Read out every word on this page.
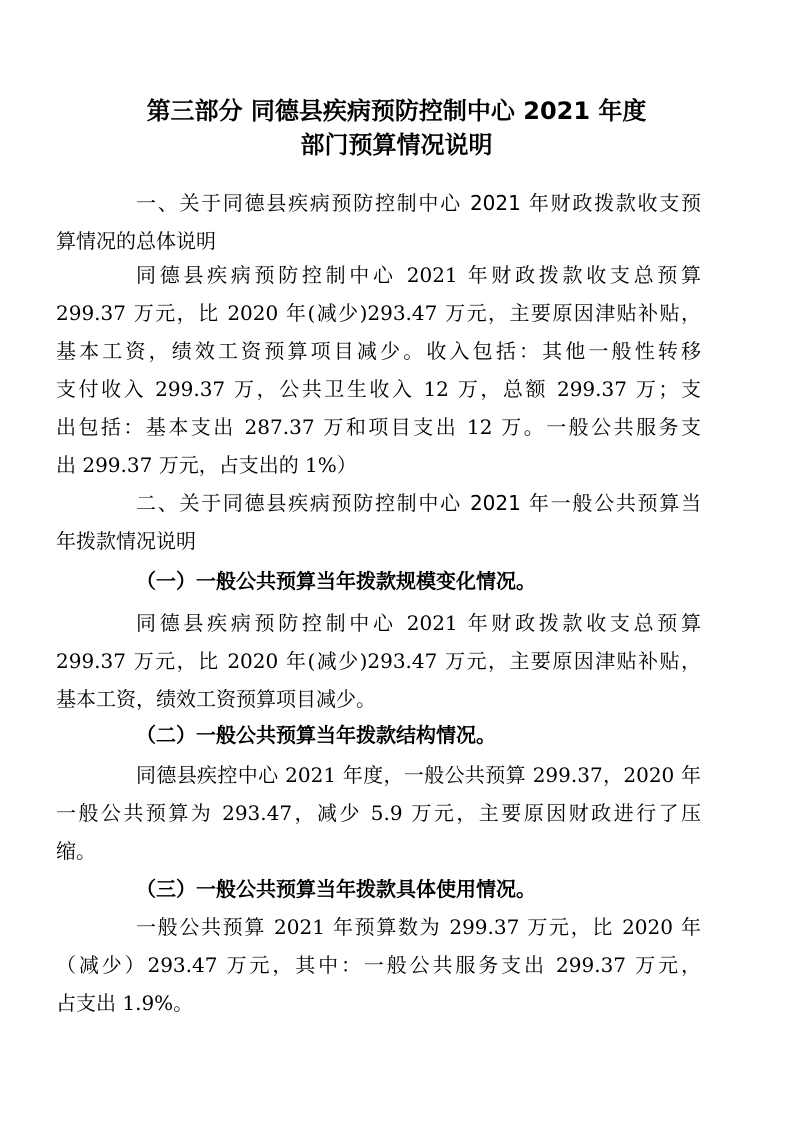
第三部分 同德县疾病预防控制中心 2021 年度
部门预算情况说明
一、关于同德县疾病预防控制中心 2021 年财政拨款收支预
算情况的总体说明
同德县疾病预防控制中心 2021 年财政拨款收支总预算
299.37 万元，比 2020 年(减少)293.47 万元，主要原因津贴补贴，
基本工资，绩效工资预算项目减少。收入包括：其他一般性转移
支付收入 299.37 万，公共卫生收入 12 万，总额 299.37 万；支
出包括：基本支出 287.37 万和项目支出 12 万。一般公共服务支
出 299.37 万元，占支出的 1%）
二、关于同德县疾病预防控制中心 2021 年一般公共预算当
年拨款情况说明
（一）一般公共预算当年拨款规模变化情况。
同德县疾病预防控制中心 2021 年财政拨款收支总预算
299.37 万元，比 2020 年(减少)293.47 万元，主要原因津贴补贴，
基本工资，绩效工资预算项目减少。
（二）一般公共预算当年拨款结构情况。
同德县疾控中心 2021 年度，一般公共预算 299.37，2020 年
一般公共预算为 293.47，减少 5.9 万元，主要原因财政进行了压
缩。
（三）一般公共预算当年拨款具体使用情况。
一般公共预算 2021 年预算数为 299.37 万元，比 2020 年
（减少）293.47 万元，其中：一般公共服务支出 299.37 万元，
占支出 1.9%。
